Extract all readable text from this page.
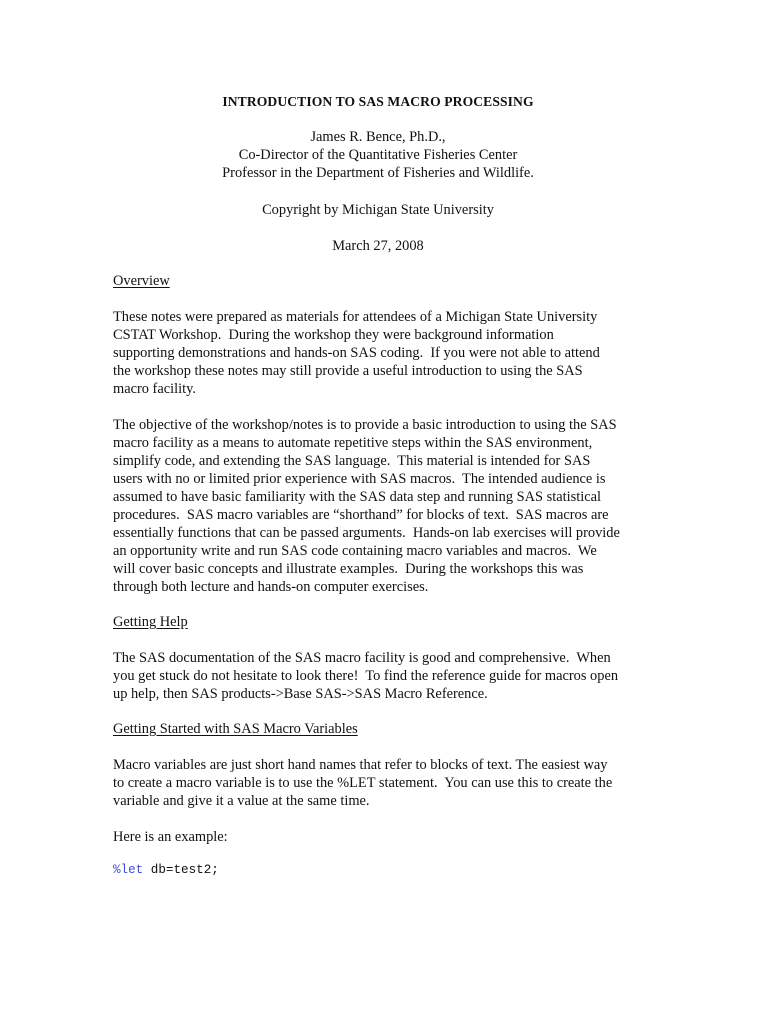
INTRODUCTION TO SAS MACRO PROCESSING
James R. Bence, Ph.D.,
Co-Director of the Quantitative Fisheries Center
Professor in the Department of Fisheries and Wildlife.
Copyright by Michigan State University
March 27, 2008
Overview
These notes were prepared as materials for attendees of a Michigan State University
CSTAT Workshop.  During the workshop they were background information
supporting demonstrations and hands-on SAS coding.  If you were not able to attend
the workshop these notes may still provide a useful introduction to using the SAS
macro facility.
The objective of the workshop/notes is to provide a basic introduction to using the SAS
macro facility as a means to automate repetitive steps within the SAS environment,
simplify code, and extending the SAS language.  This material is intended for SAS
users with no or limited prior experience with SAS macros.  The intended audience is
assumed to have basic familiarity with the SAS data step and running SAS statistical
procedures.  SAS macro variables are “shorthand” for blocks of text.  SAS macros are
essentially functions that can be passed arguments.  Hands-on lab exercises will provide
an opportunity write and run SAS code containing macro variables and macros.  We
will cover basic concepts and illustrate examples.  During the workshops this was
through both lecture and hands-on computer exercises.
Getting Help
The SAS documentation of the SAS macro facility is good and comprehensive.  When
you get stuck do not hesitate to look there!  To find the reference guide for macros open
up help, then SAS products->Base SAS->SAS Macro Reference.
Getting Started with SAS Macro Variables
Macro variables are just short hand names that refer to blocks of text. The easiest way
to create a macro variable is to use the %LET statement.  You can use this to create the
variable and give it a value at the same time.
Here is an example:
%let db=test2;
